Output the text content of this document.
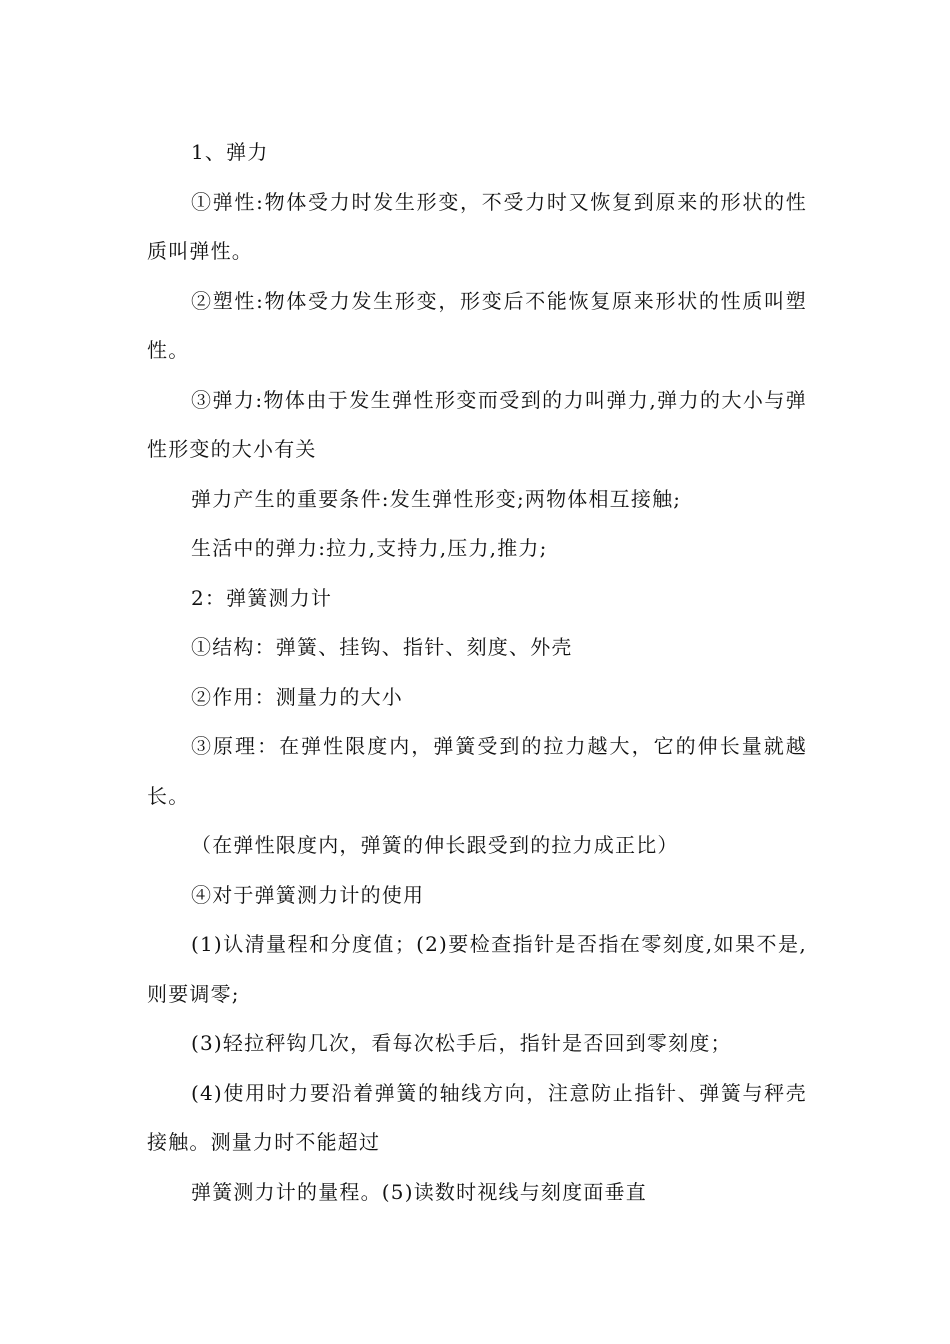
1、弹力

①弹性:物体受力时发生形变，不受力时又恢复到原来的形状的性质叫弹性。

②塑性:物体受力发生形变，形变后不能恢复原来形状的性质叫塑性。

③弹力:物体由于发生弹性形变而受到的力叫弹力,弹力的大小与弹性形变的大小有关

弹力产生的重要条件:发生弹性形变;两物体相互接触;

生活中的弹力:拉力,支持力,压力,推力;

2：弹簧测力计

①结构：弹簧、挂钩、指针、刻度、外壳

②作用：测量力的大小

③原理：在弹性限度内，弹簧受到的拉力越大，它的伸长量就越长。

（在弹性限度内，弹簧的伸长跟受到的拉力成正比）

④对于弹簧测力计的使用

(1)认清量程和分度值；(2)要检查指针是否指在零刻度,如果不是,则要调零;

(3)轻拉秤钩几次，看每次松手后，指针是否回到零刻度；

(4)使用时力要沿着弹簧的轴线方向，注意防止指针、弹簧与秤壳接触。测量力时不能超过

弹簧测力计的量程。(5)读数时视线与刻度面垂直
